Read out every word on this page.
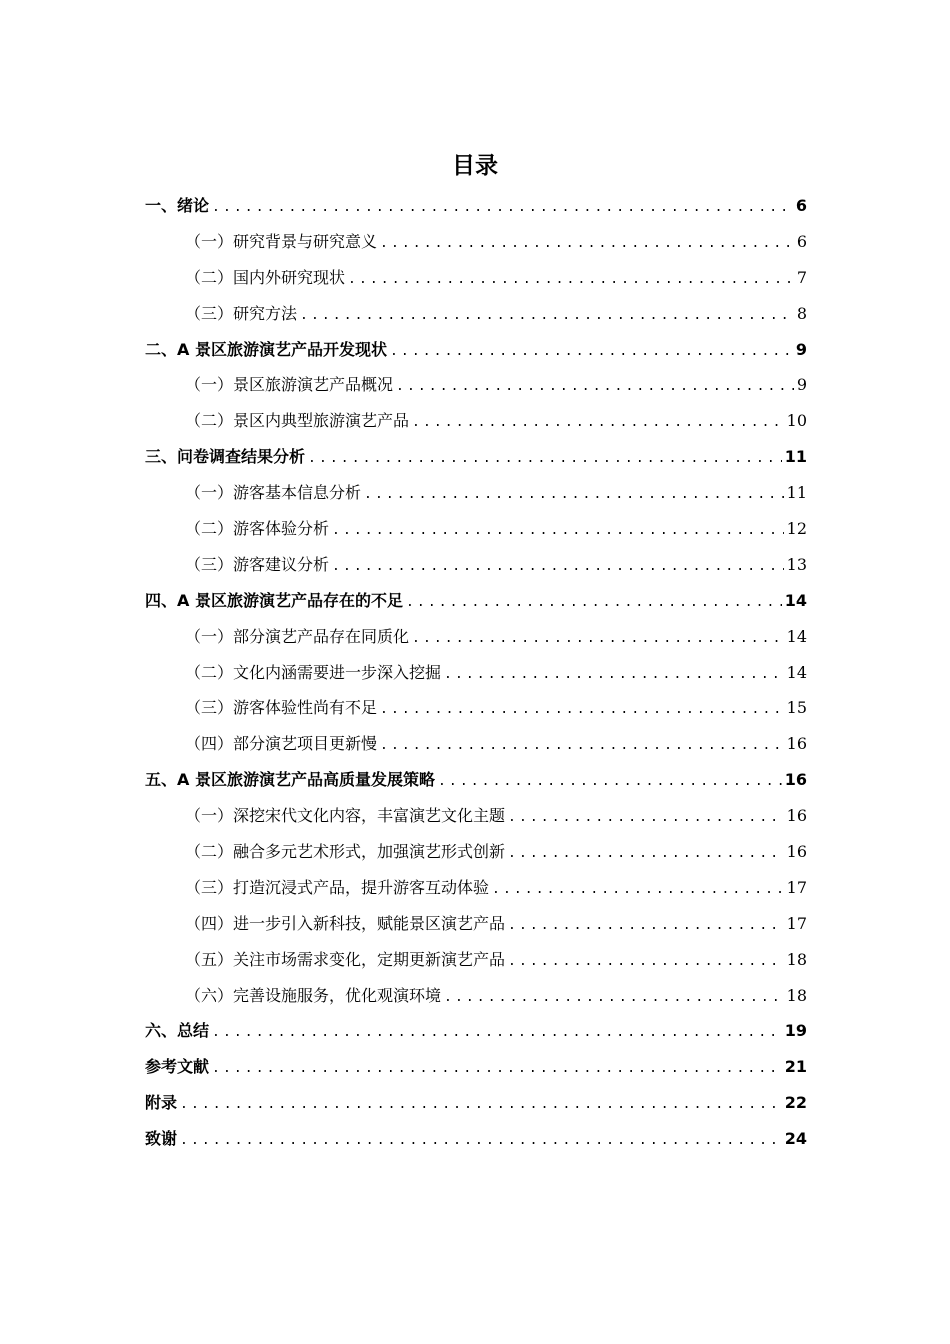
目录
一、绪论 .....	6
（一）研究背景与研究意义 .....	6
（二）国内外研究现状 .....	7
（三）研究方法 .....	8
二、A 景区旅游演艺产品开发现状 .....	9
（一）景区旅游演艺产品概况 .....	9
（二）景区内典型旅游演艺产品 .....	10
三、问卷调查结果分析 .....	11
（一）游客基本信息分析 .....	11
（二）游客体验分析 .....	12
（三）游客建议分析 .....	13
四、A 景区旅游演艺产品存在的不足 .....	14
（一）部分演艺产品存在同质化 .....	14
（二）文化内涵需要进一步深入挖掘 .....	14
（三）游客体验性尚有不足 .....	15
（四）部分演艺项目更新慢 .....	16
五、A 景区旅游演艺产品高质量发展策略 .....	16
（一）深挖宋代文化内容，丰富演艺文化主题 .....	16
（二）融合多元艺术形式，加强演艺形式创新 .....	16
（三）打造沉浸式产品，提升游客互动体验 .....	17
（四）进一步引入新科技，赋能景区演艺产品 .....	17
（五）关注市场需求变化，定期更新演艺产品 .....	18
（六）完善设施服务，优化观演环境 .....	18
六、总结 .....	19
参考文献 .....	21
附录 .....	22
致谢 .....	24
